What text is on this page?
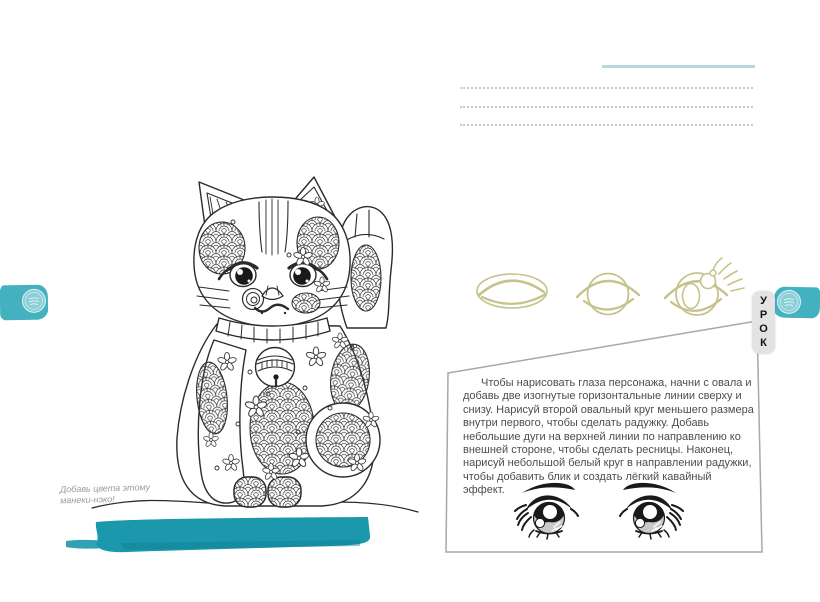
Чтобы нарисовать глаза персонажа, начни с овала и добавь две изогнутые горизонтальные линии сверху и снизу. Нарисуй второй овальный круг меньшего размера внутри первого, чтобы сделать радужку. Добавь небольшие дуги на верхней линии по направлению ко внешней стороне, чтобы сделать ресницы. Наконец, нарисуй небольшой белый круг в направлении радужки, чтобы добавить блик и создать лёгкий кавайный эффект.
Добавь цвета этому манеки-нэко!
УРОК
